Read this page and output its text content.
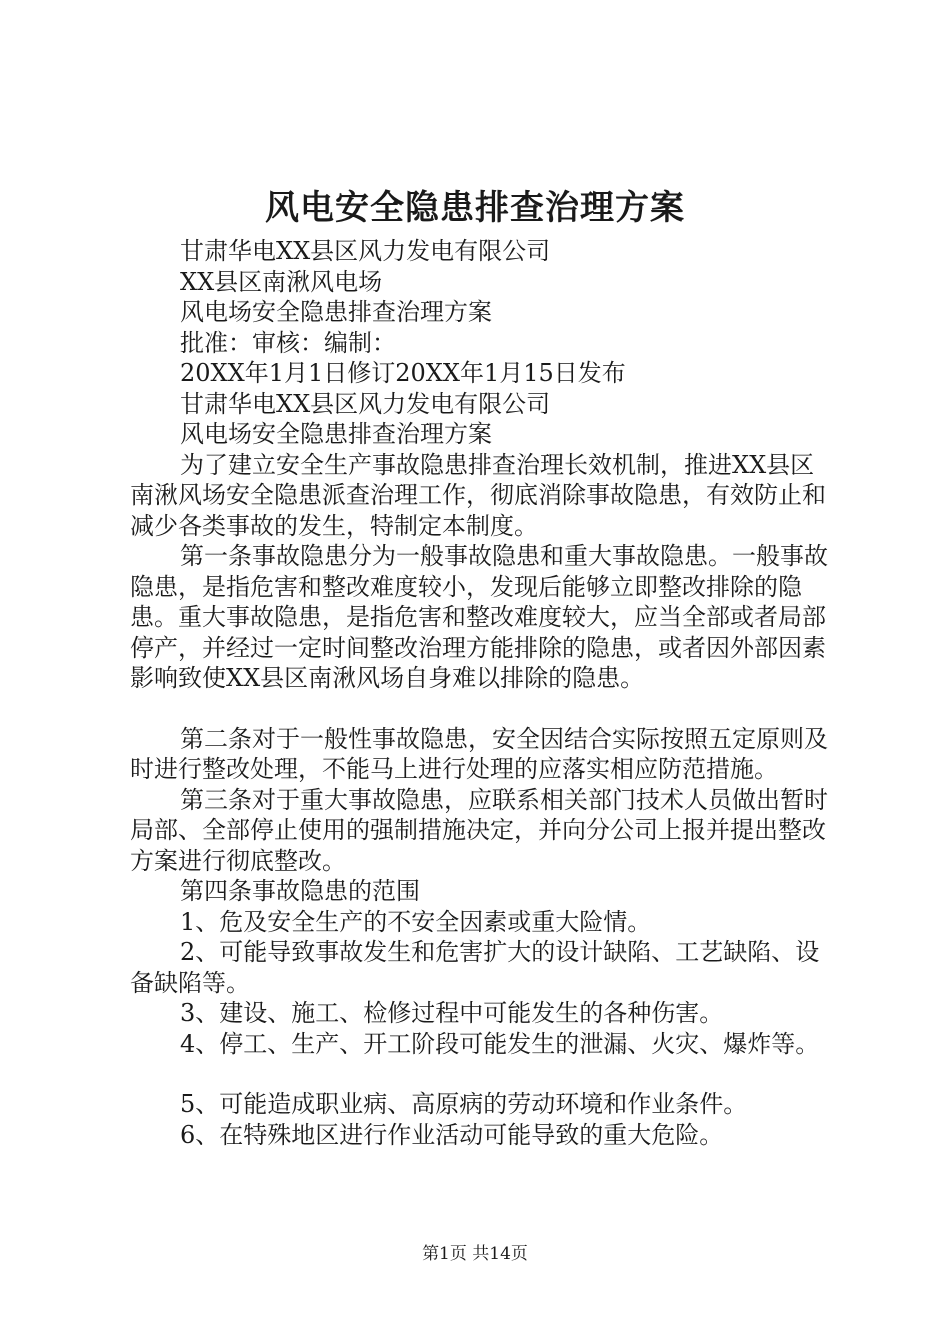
风电安全隐患排查治理方案

甘肃华电XX县区风力发电有限公司

XX县区南湫风电场

风电场安全隐患排查治理方案

批准：审核：编制：

20XX年1月1日修订20XX年1月15日发布

甘肃华电XX县区风力发电有限公司

风电场安全隐患排查治理方案

为了建立安全生产事故隐患排查治理长效机制，推进XX县区南湫风场安全隐患派查治理工作，彻底消除事故隐患，有效防止和减少各类事故的发生，特制定本制度。

第一条事故隐患分为一般事故隐患和重大事故隐患。一般事故隐患，是指危害和整改难度较小，发现后能够立即整改排除的隐患。重大事故隐患，是指危害和整改难度较大，应当全部或者局部停产，并经过一定时间整改治理方能排除的隐患，或者因外部因素影响致使XX县区南湫风场自身难以排除的隐患。

第二条对于一般性事故隐患，安全因结合实际按照五定原则及时进行整改处理，不能马上进行处理的应落实相应防范措施。

第三条对于重大事故隐患，应联系相关部门技术人员做出暂时局部、全部停止使用的强制措施决定，并向分公司上报并提出整改方案进行彻底整改。

第四条事故隐患的范围

1、危及安全生产的不安全因素或重大险情。

2、可能导致事故发生和危害扩大的设计缺陷、工艺缺陷、设备缺陷等。

3、建设、施工、检修过程中可能发生的各种伤害。

4、停工、生产、开工阶段可能发生的泄漏、火灾、爆炸等。

5、可能造成职业病、高原病的劳动环境和作业条件。

6、在特殊地区进行作业活动可能导致的重大危险。

第1页 共14页
